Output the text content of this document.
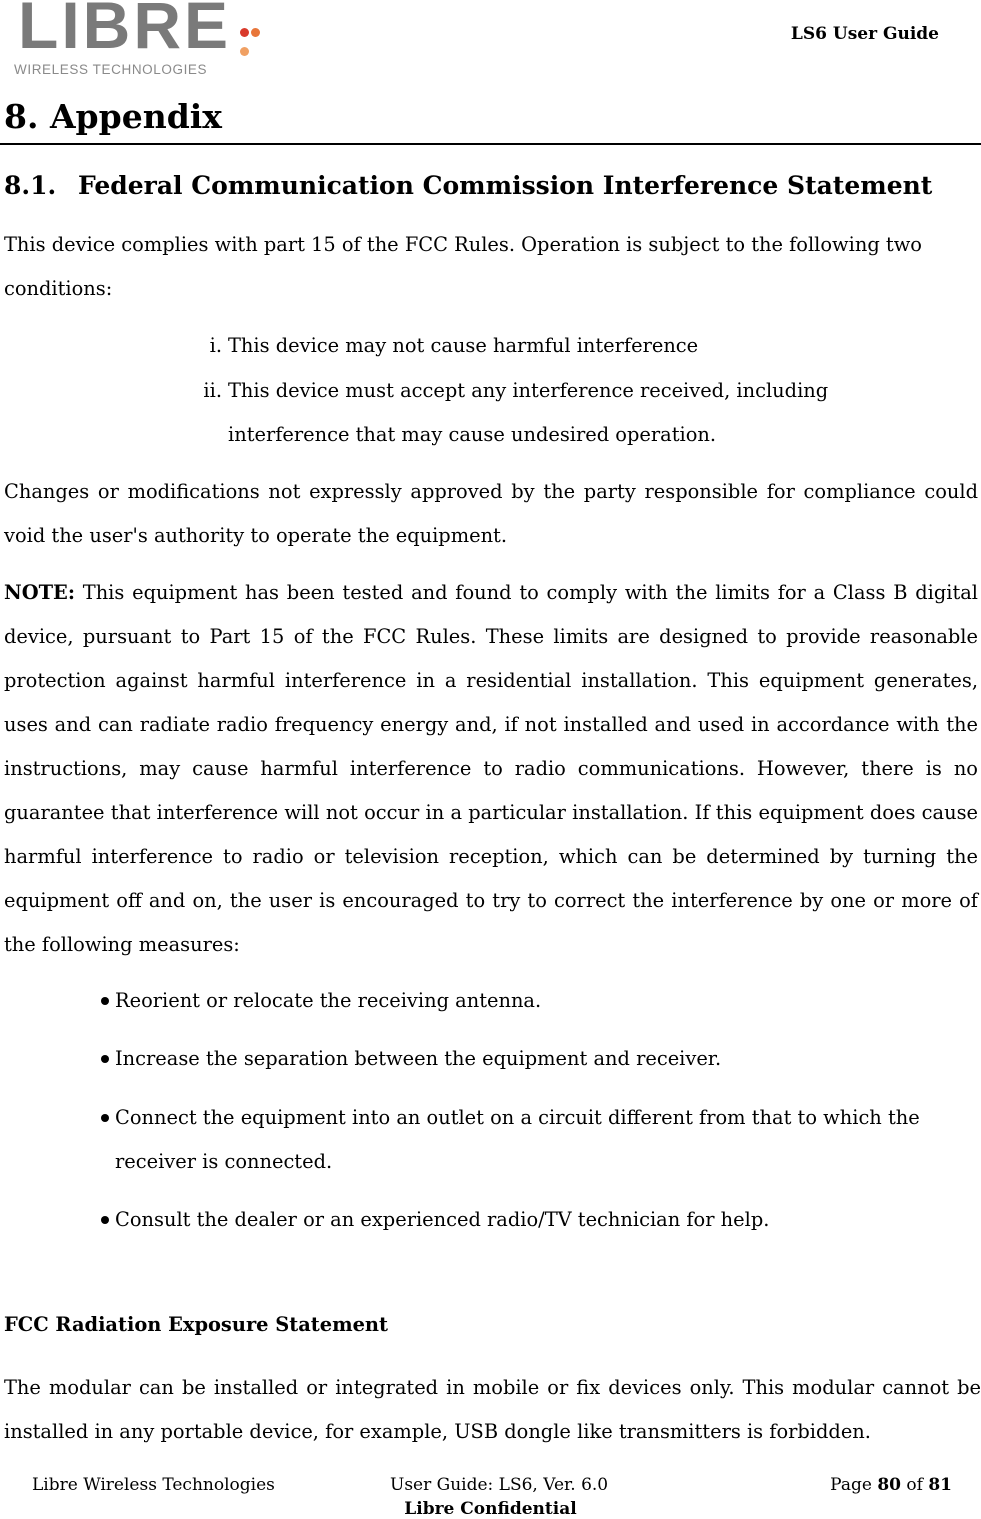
LIBRE
WIRELESS TECHNOLOGIES
LS6 User Guide
8. Appendix
8.1. Federal Communication Commission Interference Statement

This device complies with part 15 of the FCC Rules. Operation is subject to the following two conditions:

i. This device may not cause harmful interference
ii. This device must accept any interference received, including interference that may cause undesired operation.

Changes or modifications not expressly approved by the party responsible for compliance could void the user's authority to operate the equipment.

NOTE: This equipment has been tested and found to comply with the limits for a Class B digital device, pursuant to Part 15 of the FCC Rules. These limits are designed to provide reasonable protection against harmful interference in a residential installation. This equipment generates, uses and can radiate radio frequency energy and, if not installed and used in accordance with the instructions, may cause harmful interference to radio communications. However, there is no guarantee that interference will not occur in a particular installation. If this equipment does cause harmful interference to radio or television reception, which can be determined by turning the equipment off and on, the user is encouraged to try to correct the interference by one or more of the following measures:

Reorient or relocate the receiving antenna.
Increase the separation between the equipment and receiver.
Connect the equipment into an outlet on a circuit different from that to which the receiver is connected.
Consult the dealer or an experienced radio/TV technician for help.
FCC Radiation Exposure Statement

The modular can be installed or integrated in mobile or fix devices only. This modular cannot be installed in any portable device, for example, USB dongle like transmitters is forbidden.

Libre Wireless Technologies	User Guide: LS6, Ver. 6.0	Page 80 of 81
Libre Confidential
